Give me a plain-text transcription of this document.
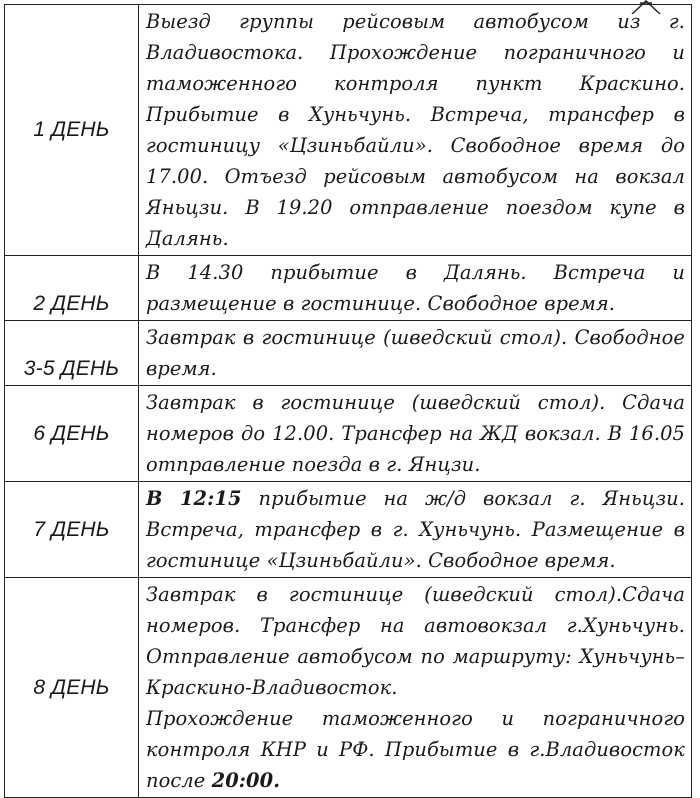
1 ДЕНЬ	Выезд группы рейсовым автобусом из г. Владивостока. Прохождение пограничного и таможенного контроля пункт Краскино. Прибытие в Хуньчунь. Встреча, трансфер в гостиницу «Цзиньбайли». Свободное время до 17.00. Отъезд рейсовым автобусом на вокзал Яньцзи. В 19.20 отправление поездом купе в Далянь.

2 ДЕНЬ	В 14.30 прибытие в Далянь. Встреча и размещение в гостинице. Свободное время.

3-5 ДЕНЬ	Завтрак в гостинице (шведский стол). Свободное время.

6 ДЕНЬ	Завтрак в гостинице (шведский стол). Сдача номеров до 12.00. Трансфер на ЖД вокзал. В 16.05 отправление поезда в г. Янцзи.

7 ДЕНЬ	В 12:15 прибытие на ж/д вокзал г. Яньцзи. Встреча, трансфер в г. Хуньчунь. Размещение в гостинице «Цзиньбайли». Свободное время.

8 ДЕНЬ	Завтрак в гостинице (шведский стол).Сдача номеров. Трансфер на автовокзал г.Хуньчунь. Отправление автобусом по маршруту: Хуньчунь–Краскино-Владивосток.
Прохождение таможенного и пограничного контроля КНР и РФ. Прибытие в г.Владивосток после 20:00.
